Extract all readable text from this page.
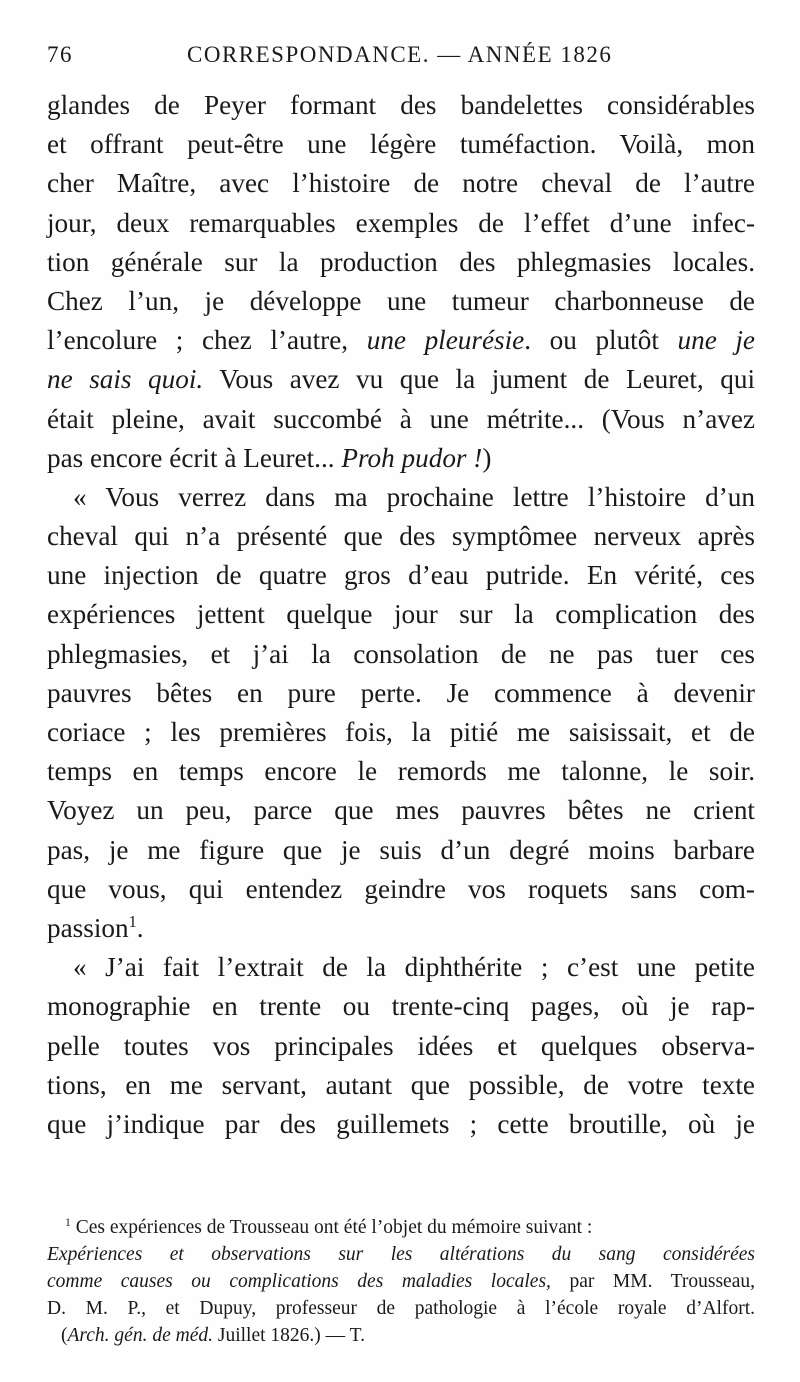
76	CORRESPONDANCE. — ANNÉE 1826
glandes de Peyer formant des bandelettes considérables
et offrant peut-être une légère tuméfaction. Voilà, mon
cher Maître, avec l’histoire de notre cheval de l’autre
jour, deux remarquables exemples de l’effet d’une infec-
tion générale sur la production des phlegmasies locales.
Chez l’un, je développe une tumeur charbonneuse de
l’encolure ; chez l’autre, une pleurésie. ou plutôt une je
ne sais quoi. Vous avez vu que la jument de Leuret, qui
était pleine, avait succombé à une métrite... (Vous n’avez
pas encore écrit à Leuret... Proh pudor !)
« Vous verrez dans ma prochaine lettre l’histoire d’un
cheval qui n’a présenté que des symptômee nerveux après
une injection de quatre gros d’eau putride. En vérité, ces
expériences jettent quelque jour sur la complication des
phlegmasies, et j’ai la consolation de ne pas tuer ces
pauvres bêtes en pure perte. Je commence à devenir
coriace ; les premières fois, la pitié me saisissait, et de
temps en temps encore le remords me talonne, le soir.
Voyez un peu, parce que mes pauvres bêtes ne crient
pas, je me figure que je suis d’un degré moins barbare
que vous, qui entendez geindre vos roquets sans com-
passion$^1$.
« J’ai fait l’extrait de la diphthérite ; c’est une petite
monographie en trente ou trente-cinq pages, où je rap-
pelle toutes vos principales idées et quelques observa-
tions, en me servant, autant que possible, de votre texte
que j’indique par des guillemets ; cette broutille, où je
$^1$ Ces expériences de Trousseau ont été l’objet du mémoire suivant :
Expériences et observations sur les altérations du sang considérées
comme causes ou complications des maladies locales, par MM. Trousseau,
D. M. P., et Dupuy, professeur de pathologie à l’école royale d’Alfort.
(Arch. gén. de méd. Juillet 1826.) — T.
